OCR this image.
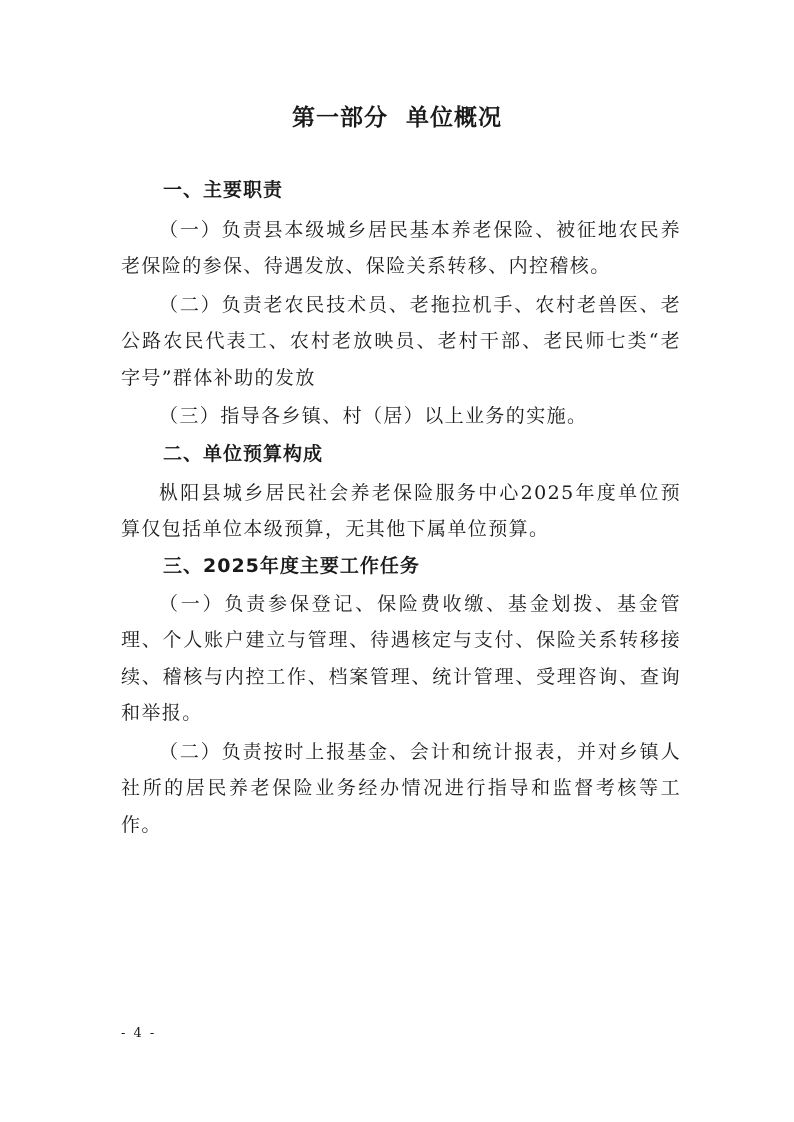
第一部分  单位概况
一、主要职责
（一）负责县本级城乡居民基本养老保险、被征地农民养老保险的参保、待遇发放、保险关系转移、内控稽核。
（二）负责老农民技术员、老拖拉机手、农村老兽医、老公路农民代表工、农村老放映员、老村干部、老民师七类“老字号”群体补助的发放
（三）指导各乡镇、村（居）以上业务的实施。
二、单位预算构成
枞阳县城乡居民社会养老保险服务中心2025年度单位预算仅包括单位本级预算，无其他下属单位预算。
三、2025年度主要工作任务
（一）负责参保登记、保险费收缴、基金划拨、基金管理、个人账户建立与管理、待遇核定与支付、保险关系转移接续、稽核与内控工作、档案管理、统计管理、受理咨询、查询和举报。
（二）负责按时上报基金、会计和统计报表，并对乡镇人社所的居民养老保险业务经办情况进行指导和监督考核等工作。
- 4 -
